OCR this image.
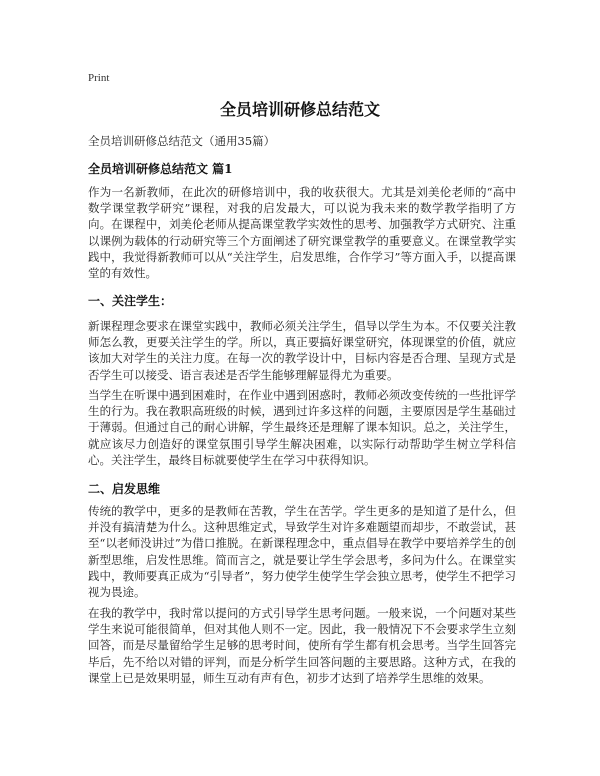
Print
全员培训研修总结范文
全员培训研修总结范文（通用35篇）
全员培训研修总结范文 篇1

作为一名新教师，在此次的研修培训中，我的收获很大。尤其是刘美伦老师的“高中数学课堂教学研究”课程，对我的启发最大，可以说为我未来的数学教学指明了方向。在课程中，刘美伦老师从提高课堂教学实效性的思考、加强教学方式研究、注重以课例为载体的行动研究等三个方面阐述了研究课堂教学的重要意义。在课堂教学实践中，我觉得新教师可以从“关注学生，启发思维，合作学习”等方面入手，以提高课堂的有效性。

一、关注学生：

新课程理念要求在课堂实践中，教师必须关注学生，倡导以学生为本。不仅要关注教师怎么教，更要关注学生的学。所以，真正要搞好课堂研究，体现课堂的价值，就应该加大对学生的关注力度。在每一次的教学设计中，目标内容是否合理、呈现方式是否学生可以接受、语言表述是否学生能够理解显得尤为重要。

当学生在听课中遇到困难时，在作业中遇到困惑时，教师必须改变传统的一些批评学生的行为。我在教职高班级的时候，遇到过许多这样的问题，主要原因是学生基础过于薄弱。但通过自己的耐心讲解，学生最终还是理解了课本知识。总之，关注学生，就应该尽力创造好的课堂氛围引导学生解决困难，以实际行动帮助学生树立学科信心。关注学生，最终目标就要使学生在学习中获得知识。

二、启发思维

传统的教学中，更多的是教师在苦教，学生在苦学。学生更多的是知道了是什么，但并没有搞清楚为什么。这种思维定式，导致学生对许多难题望而却步，不敢尝试，甚至“以老师没讲过”为借口推脱。在新课程理念中，重点倡导在教学中要培养学生的创新型思维，启发性思维。简而言之，就是要让学生学会思考，多问为什么。在课堂实践中，教师要真正成为“引导者”，努力使学生使学生学会独立思考，使学生不把学习视为畏途。

在我的教学中，我时常以提问的方式引导学生思考问题。一般来说，一个问题对某些学生来说可能很简单，但对其他人则不一定。因此，我一般情况下不会要求学生立刻回答，而是尽量留给学生足够的思考时间，使所有学生都有机会思考。当学生回答完毕后，先不给以对错的评判，而是分析学生回答问题的主要思路。这种方式，在我的课堂上已是效果明显，师生互动有声有色，初步才达到了培养学生思维的效果。
